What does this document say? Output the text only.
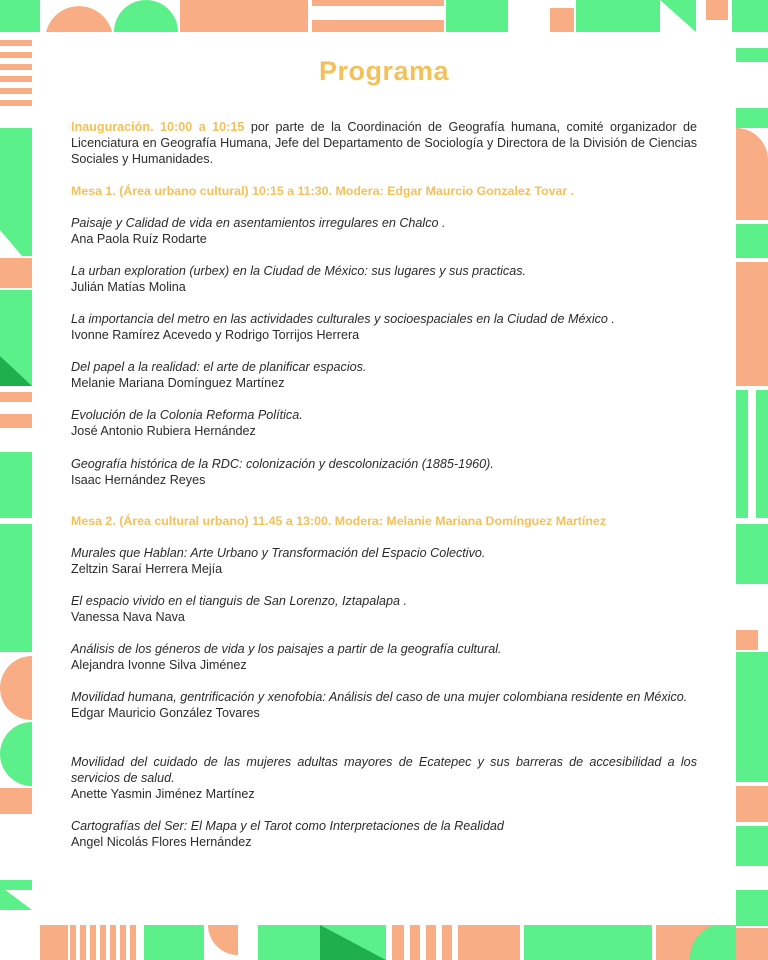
Programa
Inauguración. 10:00 a 10:15 por parte de la Coordinación de Geografía humana, comité organizador de Licenciatura en Geografía Humana, Jefe del Departamento de Sociología y Directora de la División de Ciencias Sociales y Humanidades.
Mesa 1. (Área urbano cultural) 10:15 a 11:30. Modera: Edgar Maurcio Gonzalez Tovar .
Paisaje y Calidad de vida en asentamientos irregulares en Chalco .
Ana Paola Ruíz Rodarte
La urban exploration (urbex) en la Ciudad de México: sus lugares y sus practicas.
Julián Matías Molina
La importancia del metro en las actividades culturales y socioespaciales en la Ciudad de México .
Ivonne Ramírez Acevedo y Rodrigo Torrijos Herrera
Del papel a la realidad: el arte de planificar espacios.
Melanie Mariana Domínguez Martínez
Evolución de la Colonia Reforma Política.
José Antonio Rubiera Hernández
Geografía histórica de la RDC: colonización y descolonización (1885-1960).
Isaac Hernández Reyes
Mesa 2. (Área cultural urbano) 11.45 a 13:00. Modera: Melanie Mariana Domínguez Martínez
Murales que Hablan: Arte Urbano y Transformación del Espacio Colectivo.
Zeltzin Saraí Herrera Mejía
El espacio vivido en el tianguis de San Lorenzo, Iztapalapa .
Vanessa Nava Nava
Análisis de los géneros de vida y los paisajes a partir de la geografía cultural.
Alejandra Ivonne Silva Jiménez
Movilidad humana, gentrificación y xenofobia: Análisis del caso de una mujer colombiana residente en México.
Edgar Mauricio González Tovares
Movilidad del cuidado de las mujeres adultas mayores de Ecatepec y sus barreras de accesibilidad a los servicios de salud.
Anette Yasmin Jiménez Martínez
Cartografías del Ser: El Mapa y el Tarot como Interpretaciones de la Realidad
Angel Nicolás Flores Hernández
